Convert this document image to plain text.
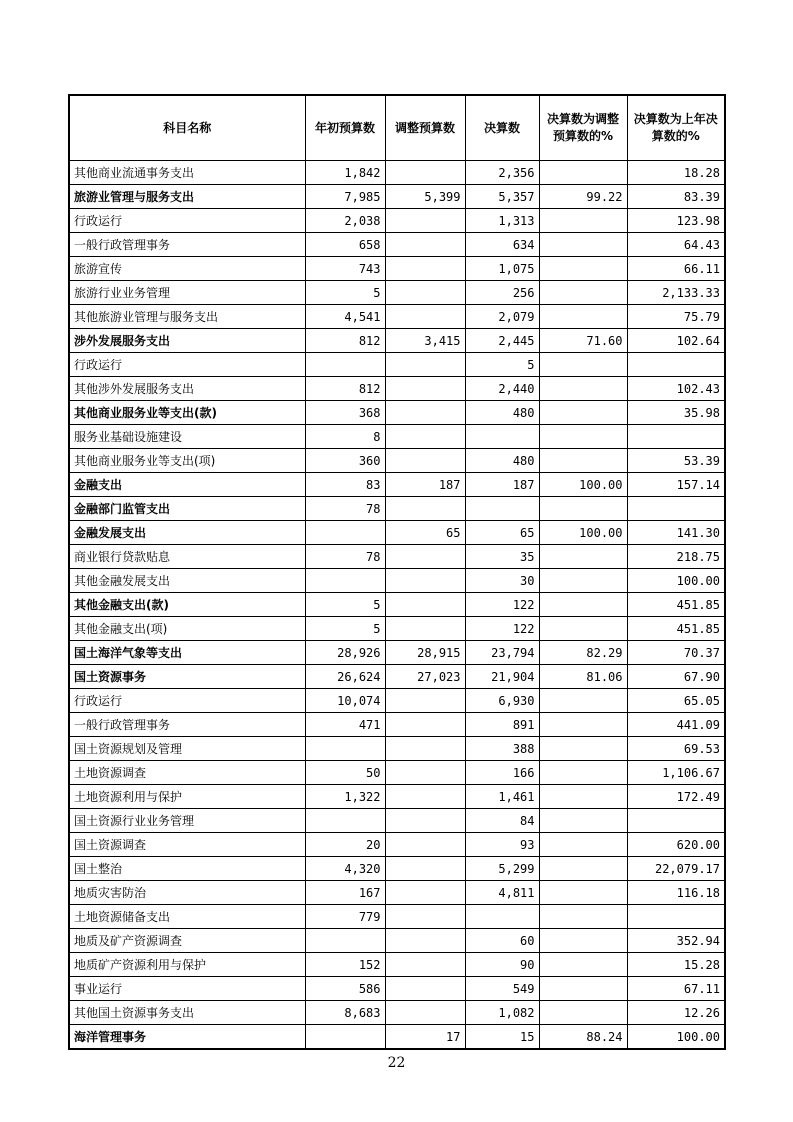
科目名称	年初预算数	调整预算数	决算数	决算数为调整预算数的%	决算数为上年决算数的%
其他商业流通事务支出	1,842		2,356		18.28
旅游业管理与服务支出	7,985	5,399	5,357	99.22	83.39
行政运行	2,038		1,313		123.98
一般行政管理事务	658		634		64.43
旅游宣传	743		1,075		66.11
旅游行业业务管理	5		256		2,133.33
其他旅游业管理与服务支出	4,541		2,079		75.79
涉外发展服务支出	812	3,415	2,445	71.60	102.64
行政运行			5		
其他涉外发展服务支出	812		2,440		102.43
其他商业服务业等支出(款)	368		480		35.98
服务业基础设施建设	8				
其他商业服务业等支出(项)	360		480		53.39
金融支出	83	187	187	100.00	157.14
金融部门监管支出	78				
金融发展支出		65	65	100.00	141.30
商业银行贷款贴息	78		35		218.75
其他金融发展支出			30		100.00
其他金融支出(款)	5		122		451.85
其他金融支出(项)	5		122		451.85
国土海洋气象等支出	28,926	28,915	23,794	82.29	70.37
国土资源事务	26,624	27,023	21,904	81.06	67.90
行政运行	10,074		6,930		65.05
一般行政管理事务	471		891		441.09
国土资源规划及管理			388		69.53
土地资源调查	50		166		1,106.67
土地资源利用与保护	1,322		1,461		172.49
国土资源行业业务管理			84		
国土资源调查	20		93		620.00
国土整治	4,320		5,299		22,079.17
地质灾害防治	167		4,811		116.18
土地资源储备支出	779				
地质及矿产资源调查			60		352.94
地质矿产资源利用与保护	152		90		15.28
事业运行	586		549		67.11
其他国土资源事务支出	8,683		1,082		12.26
海洋管理事务		17	15	88.24	100.00
22
